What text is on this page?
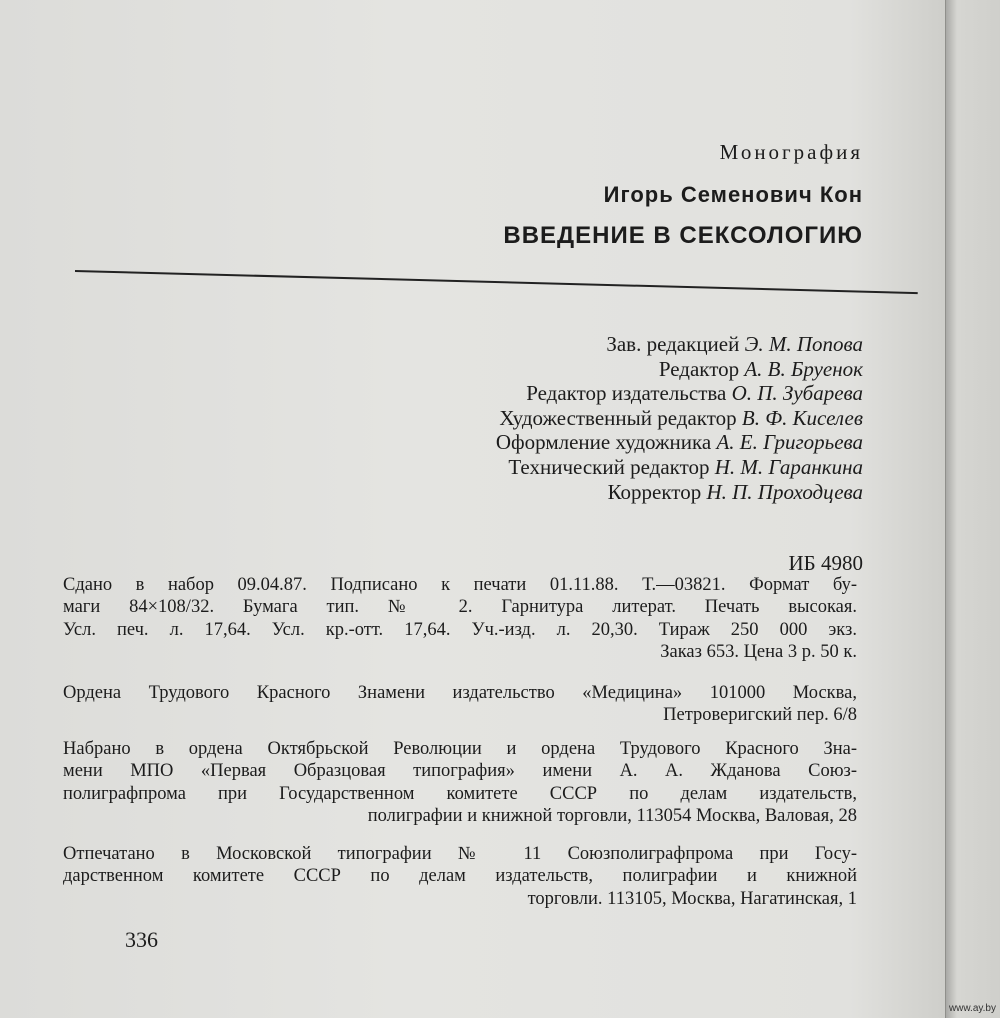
Монография
Игорь Семенович Кон
ВВЕДЕНИЕ В СЕКСОЛОГИЮ
Зав. редакцией Э. М. Попова
Редактор А. В. Бруенок
Редактор издательства О. П. Зубарева
Художественный редактор В. Ф. Киселев
Оформление художника А. Е. Григорьева
Технический редактор Н. М. Гаранкина
Корректор Н. П. Проходцева
ИБ 4980
Сдано в набор 09.04.87. Подписано к печати 01.11.88. Т.—03821. Формат бу-
маги 84×108/32. Бумага тип. № 2. Гарнитура литерат. Печать высокая.
Усл. печ. л. 17,64. Усл. кр.-отт. 17,64. Уч.-изд. л. 20,30. Тираж 250 000 экз.
Заказ 653. Цена 3 р. 50 к.
Ордена Трудового Красного Знамени издательство «Медицина» 101000 Москва,
Петроверигский пер. 6/8
Набрано в ордена Октябрьской Революции и ордена Трудового Красного Зна-
мени МПО «Первая Образцовая типография» имени А. А. Жданова Союз-
полиграфпрома при Государственном комитете СССР по делам издательств,
полиграфии и книжной торговли, 113054 Москва, Валовая, 28
Отпечатано в Московской типографии № 11 Союзполиграфпрома при Госу-
дарственном комитете СССР по делам издательств, полиграфии и книжной
торговли. 113105, Москва, Нагатинская, 1
336
www.ay.by
